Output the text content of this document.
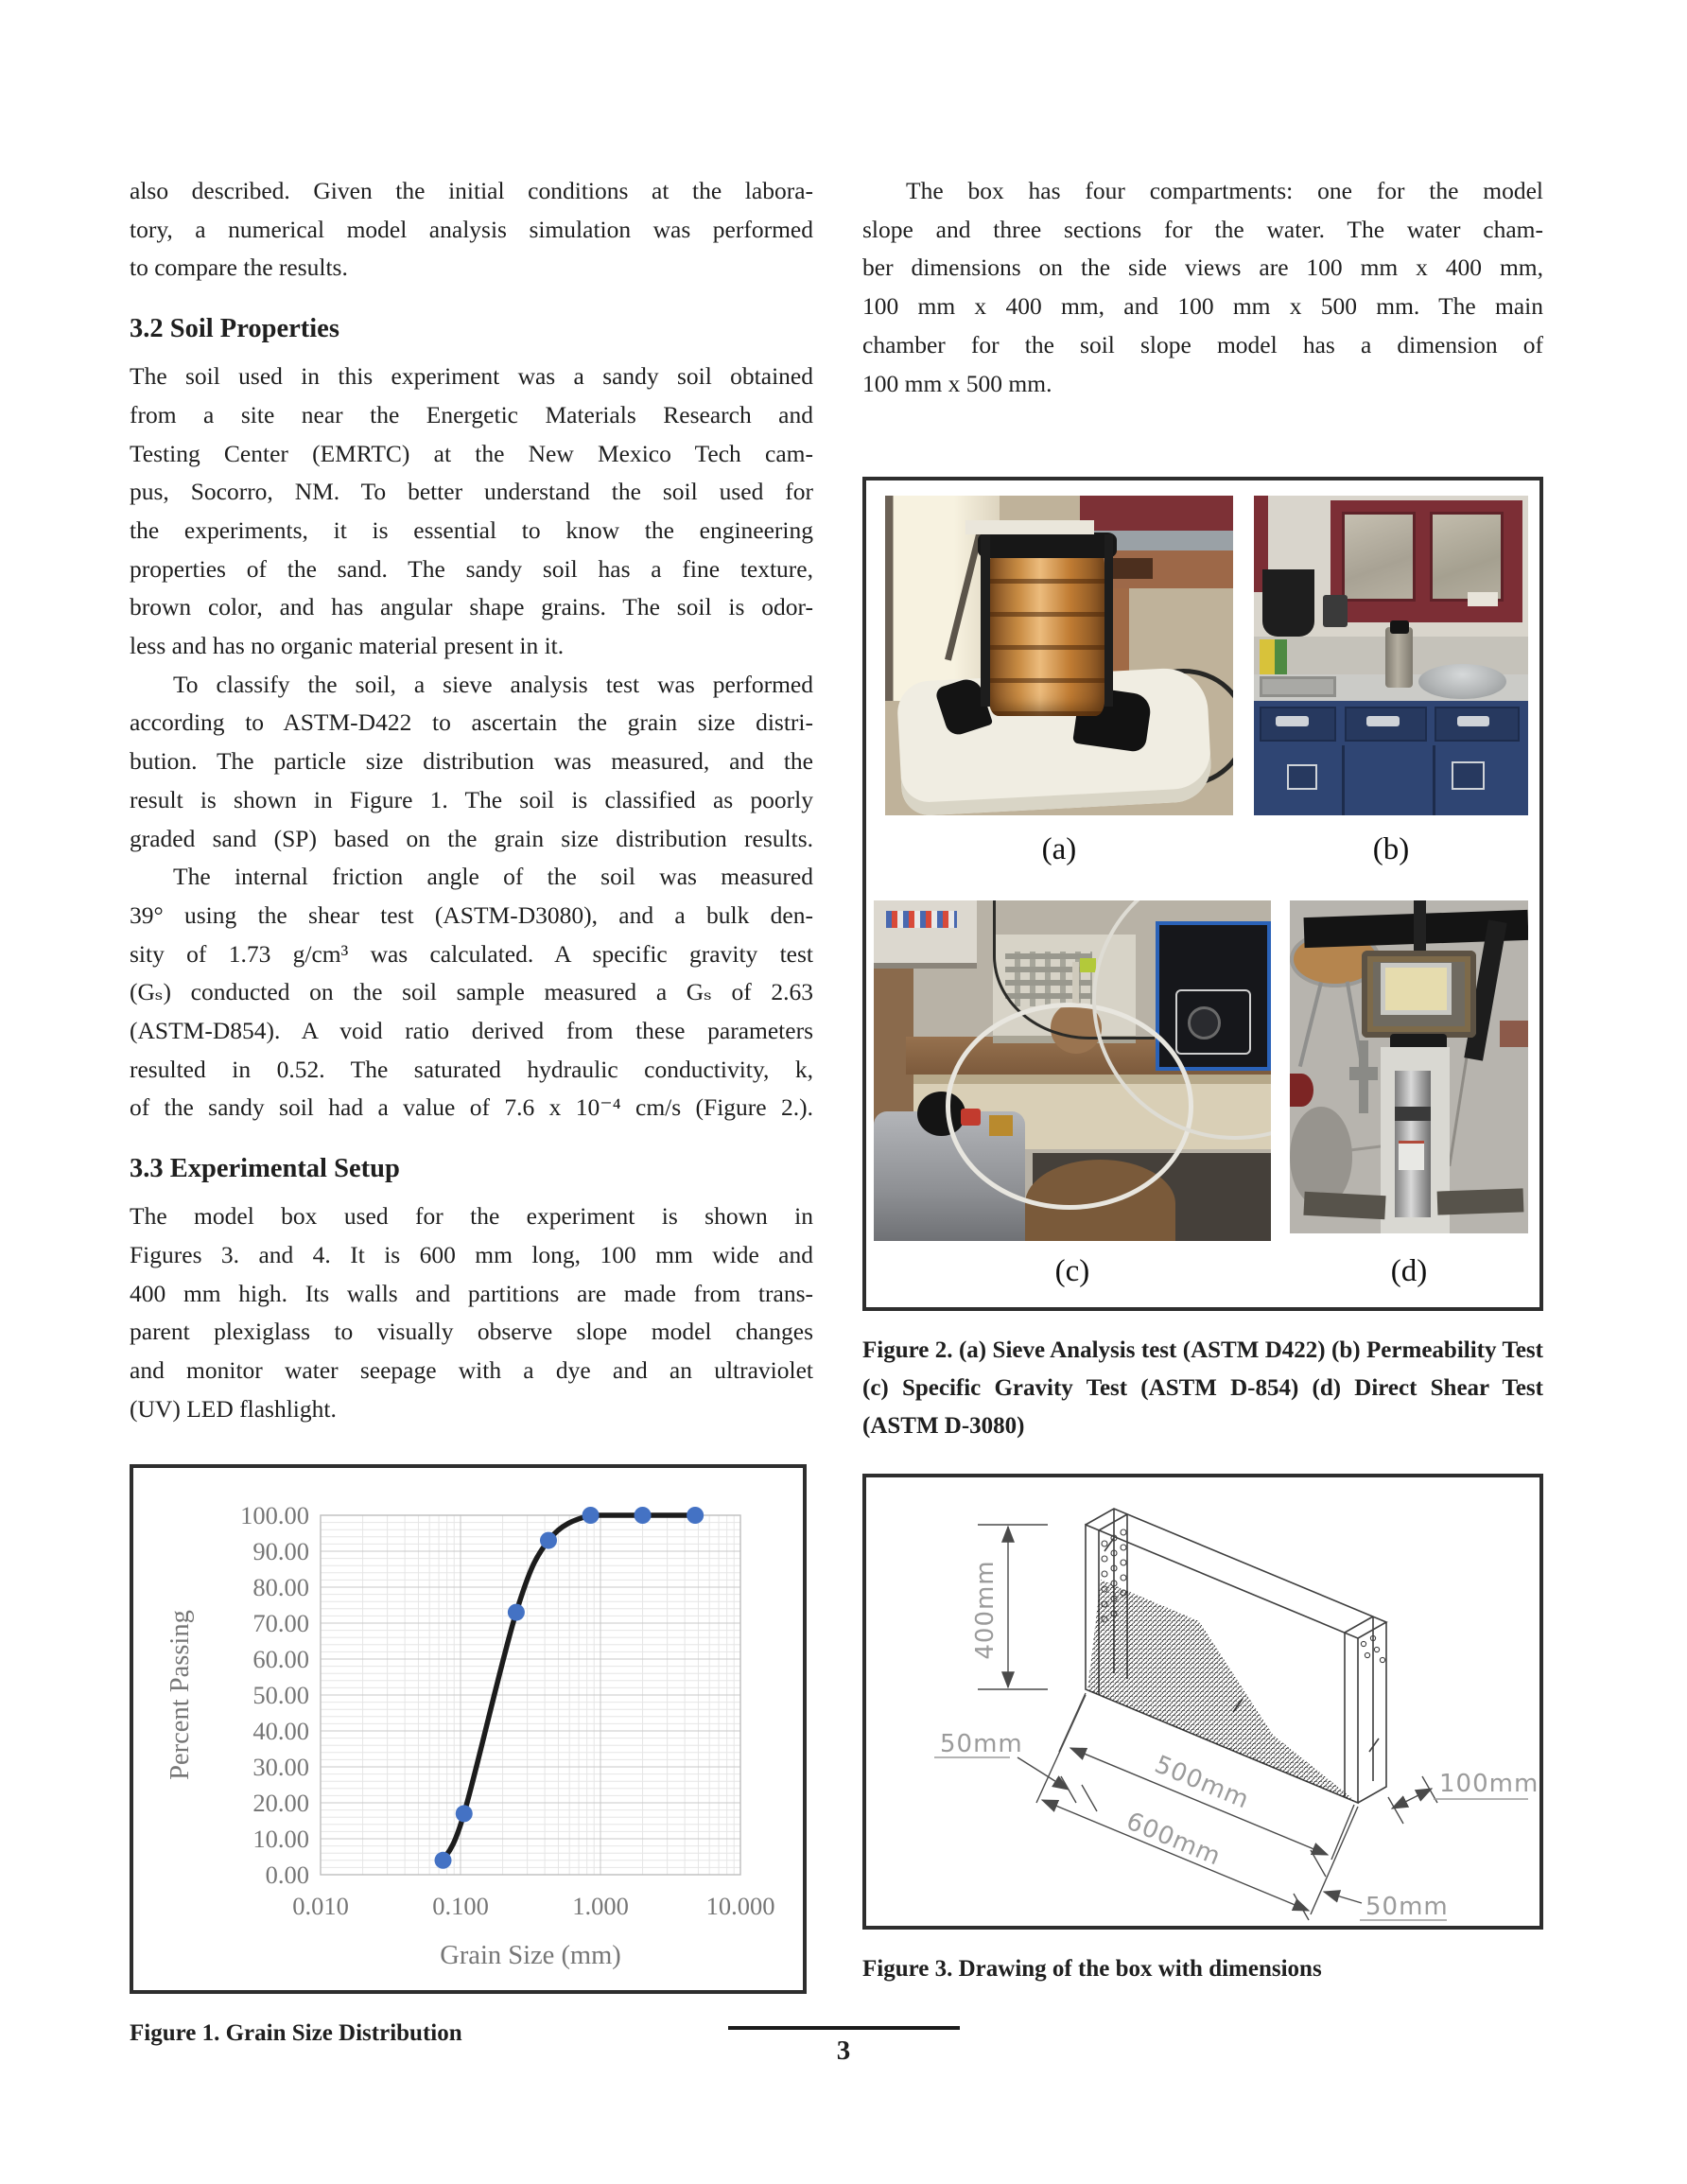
also described. Given the initial conditions at the labora-
tory, a numerical model analysis simulation was performed
to compare the results.
3.2 Soil Properties
The soil used in this experiment was a sandy soil obtained
from a site near the Energetic Materials Research and
Testing Center (EMRTC) at the New Mexico Tech cam-
pus, Socorro, NM. To better understand the soil used for
the experiments, it is essential to know the engineering
properties of the sand. The sandy soil has a fine texture,
brown color, and has angular shape grains. The soil is odor-
less and has no organic material present in it.
To classify the soil, a sieve analysis test was performed
according to ASTM-D422 to ascertain the grain size distri-
bution. The particle size distribution was measured, and the
result is shown in Figure 1. The soil is classified as poorly
graded sand (SP) based on the grain size distribution results.
The internal friction angle of the soil was measured
39° using the shear test (ASTM-D3080), and a bulk den-
sity of 1.73 g/cm³ was calculated. A specific gravity test
(Gₛ) conducted on the soil sample measured a Gₛ of 2.63
(ASTM-D854). A void ratio derived from these parameters
resulted in 0.52. The saturated hydraulic conductivity, k,
of the sandy soil had a value of 7.6 x 10⁻⁴ cm/s (Figure 2.).
3.3 Experimental Setup
The model box used for the experiment is shown in
Figures 3. and 4. It is 600 mm long, 100 mm wide and
400 mm high. Its walls and partitions are made from trans-
parent plexiglass to visually observe slope model changes
and monitor water seepage with a dye and an ultraviolet
(UV) LED flashlight.
0.00
10.00
20.00
30.00
40.00
50.00
60.00
70.00
80.00
90.00
100.00
0.010	0.100	1.000	10.000
Grain Size (mm)
Percent Passing
Figure 1. Grain Size Distribution
The box has four compartments: one for the model
slope and three sections for the water. The water cham-
ber dimensions on the side views are 100 mm x 400 mm,
100 mm x 400 mm, and 100 mm x 500 mm. The main
chamber for the soil slope model has a dimension of
100 mm x 500 mm.
(a)	(b)
(c)	(d)
Figure 2. (a) Sieve Analysis test (ASTM D422) (b) Permeability Test (c) Specific Gravity Test (ASTM D-854) (d) Direct Shear Test (ASTM D-3080)
400mm
50mm
500mm
600mm
100mm
50mm
Figure 3. Drawing of the box with dimensions
3
